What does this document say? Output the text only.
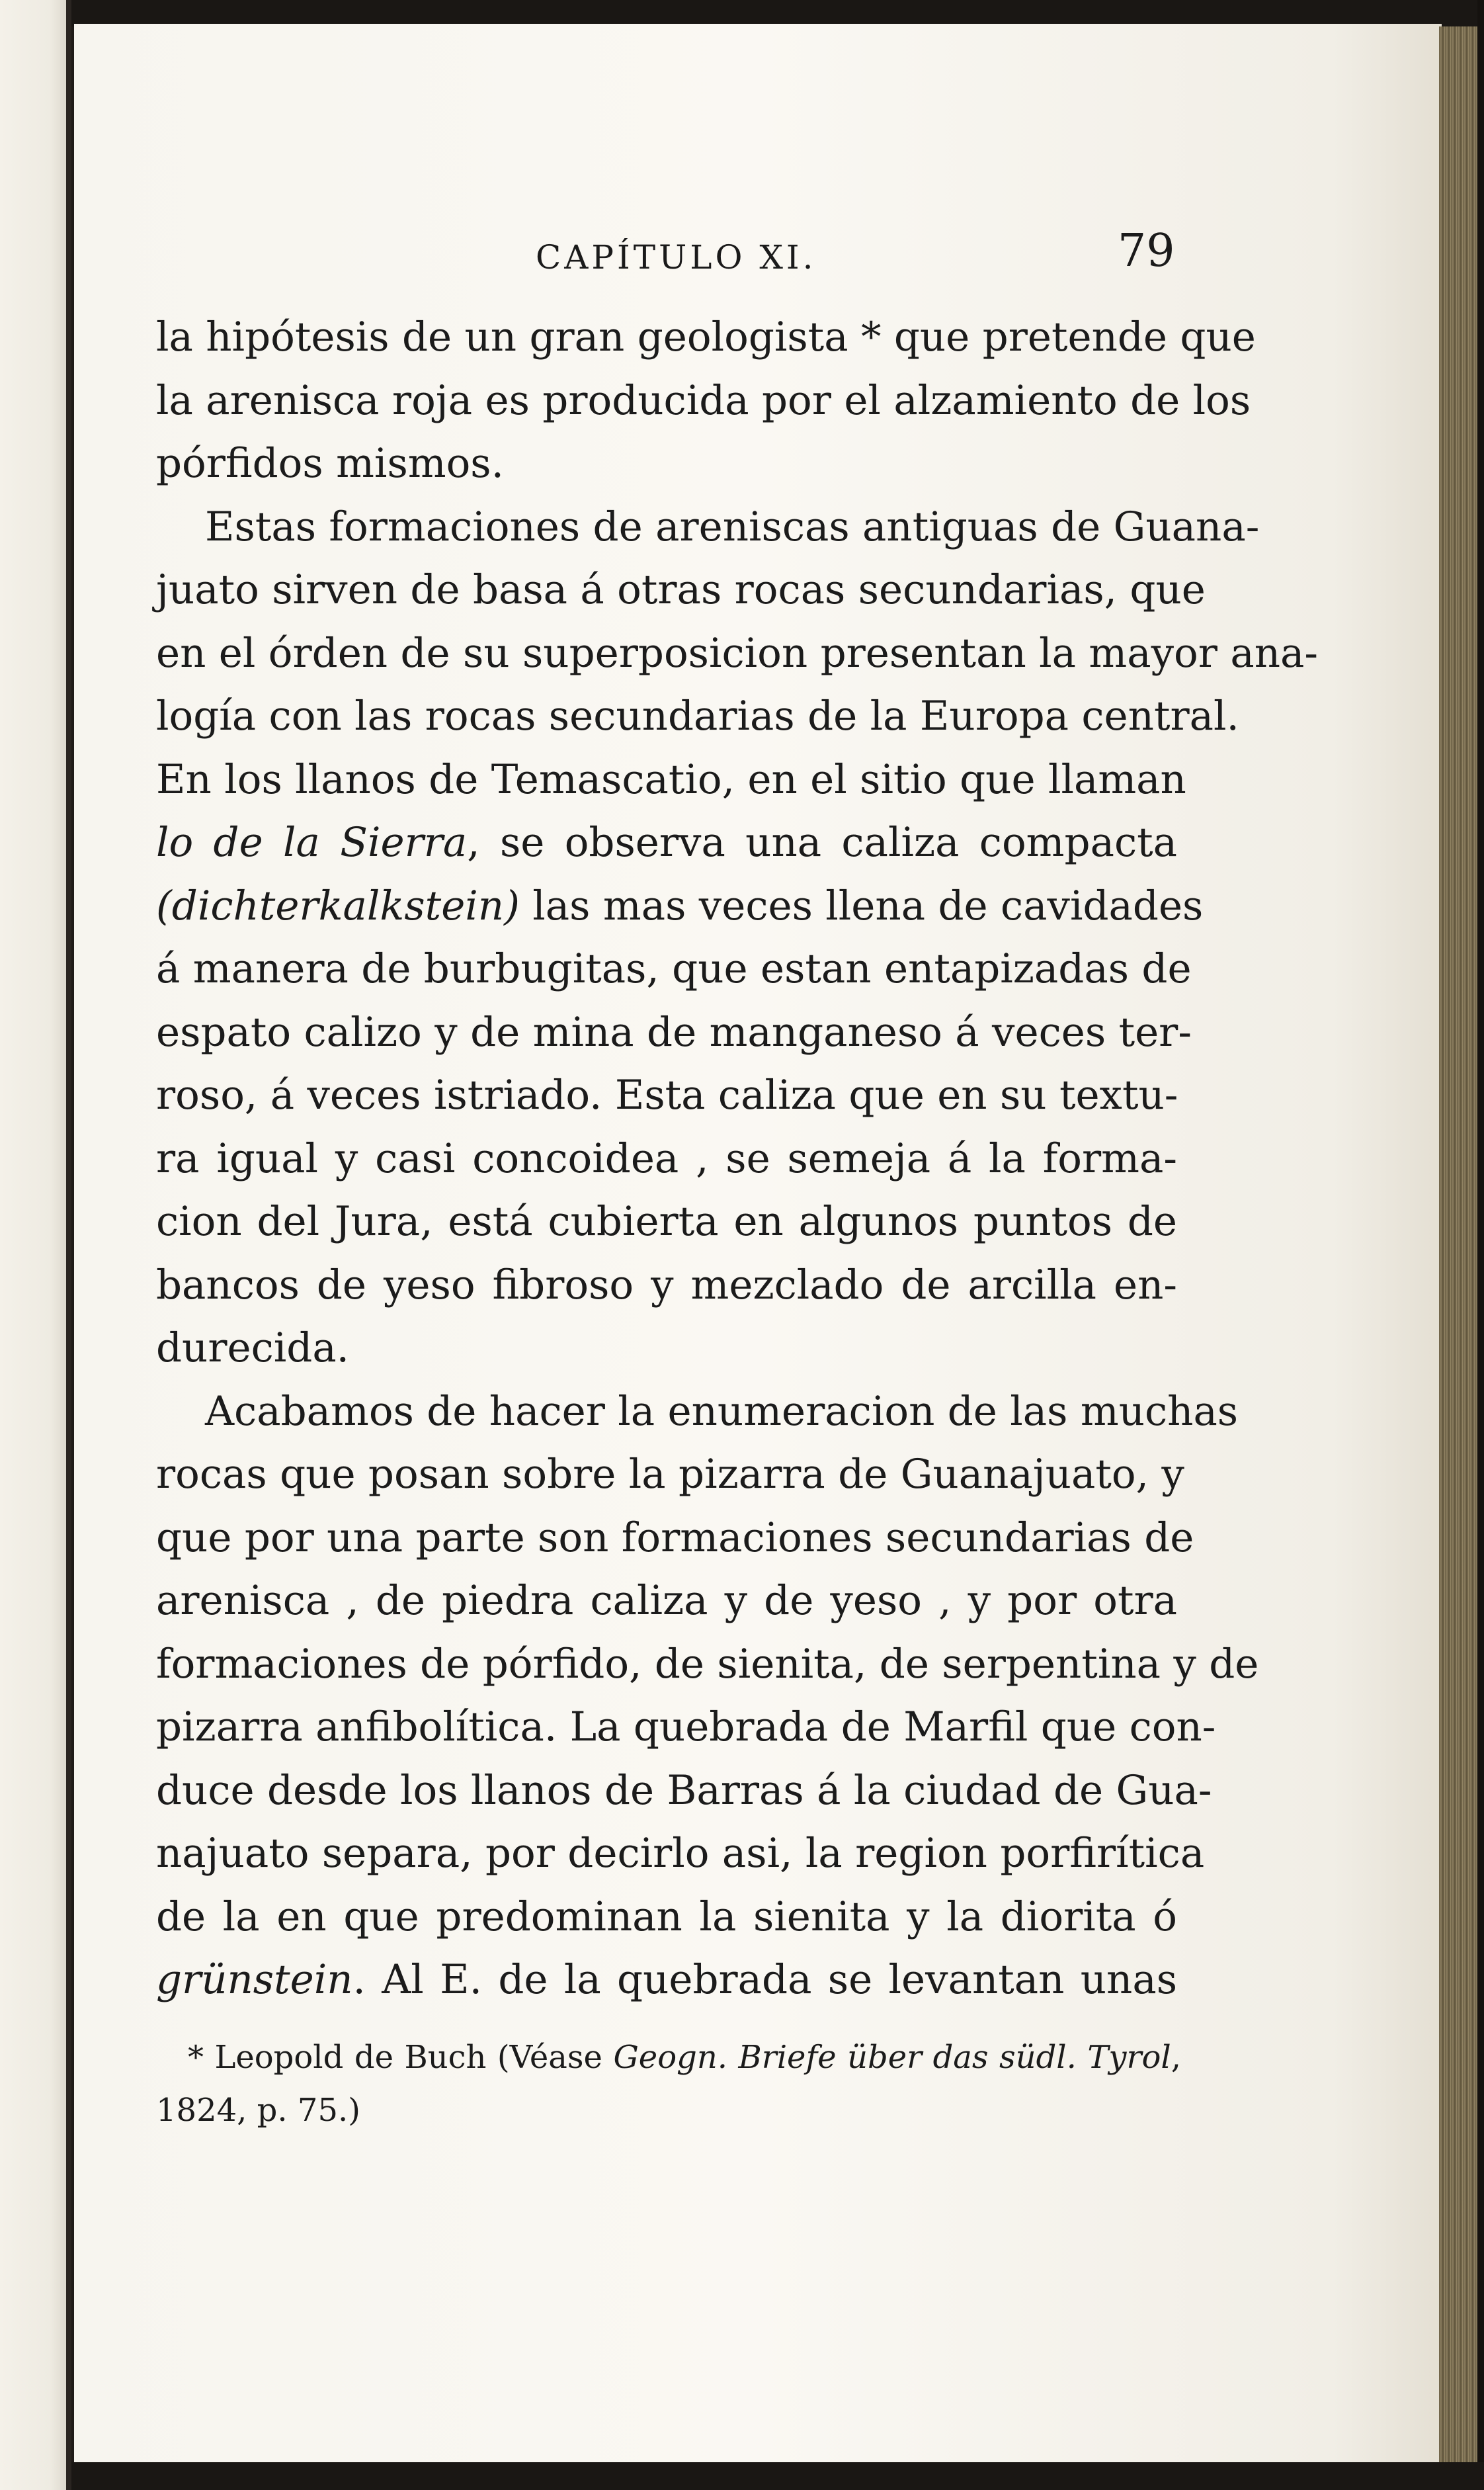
CAPÍTULO XI.	79
la hipótesis de un gran geologista * que pretende que
la arenisca roja es producida por el alzamiento de los
pórfidos mismos.
Estas formaciones de areniscas antiguas de Guana-
juato sirven de basa á otras rocas secundarias, que
en el órden de su superposicion presentan la mayor ana-
logía con las rocas secundarias de la Europa central.
En los llanos de Temascatio, en el sitio que llaman
lo de la Sierra, se observa una caliza compacta
(dichterkalkstein) las mas veces llena de cavidades
á manera de burbugitas, que estan entapizadas de
espato calizo y de mina de manganeso á veces ter-
roso, á veces istriado. Esta caliza que en su textu-
ra igual y casi concoidea , se semeja á la forma-
cion del Jura, está cubierta en algunos puntos de
bancos de yeso fibroso y mezclado de arcilla en-
durecida.
Acabamos de hacer la enumeracion de las muchas
rocas que posan sobre la pizarra de Guanajuato, y
que por una parte son formaciones secundarias de
arenisca , de piedra caliza y de yeso , y por otra
formaciones de pórfido, de sienita, de serpentina y de
pizarra anfibolítica. La quebrada de Marfil que con-
duce desde los llanos de Barras á la ciudad de Gua-
najuato separa, por decirlo asi, la region porfirítica
de la en que predominan la sienita y la diorita ó
grünstein. Al E. de la quebrada se levantan unas
* Leopold de Buch (Véase Geogn. Briefe über das südl. Tyrol,
1824, p. 75.)
